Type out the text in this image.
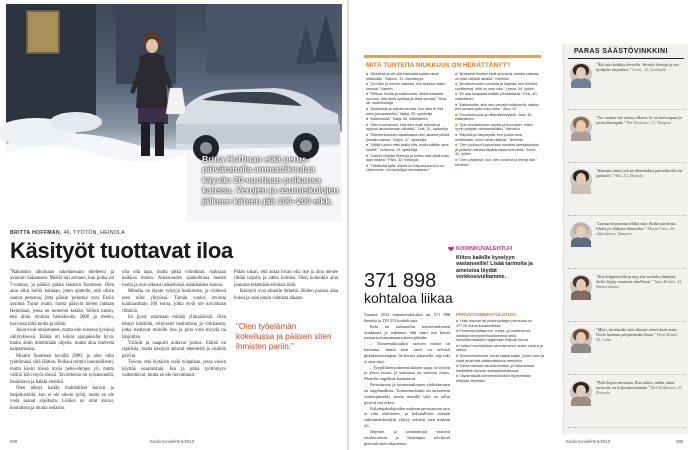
Britta Hoffman elää perus-päivärahalla ammattikoulua käyvän 20-vuotiaan poikansa kanssa. Verojen ja asumiskulujen jälkeen käteen jää 100–200 e/kk.
BRITTA HOFFMAN, 46, TYÖTÖN, HEINOLA
Käsityöt tuottavat iloa

"Rakastuin aikoinaan sukeltaessani mieheeni ja avioiuin Sakaaseen. Meillä tuli erinnen, kun poika oli 7-vuotias, ja pääöin palata takaisin Suomeen. Olen aina ollut helliä kohtaan, joten ajattelin, että olisin saanut perustaa, jotta pääsin 'pelastua' ensi. Etsiin asuntoa Turun mutta, mutta pääsyin meren rantaan Heinolaan, jossa on tuntemat ketään. Silloin tunsin, että aloin oloittua heinäkuulla 2000 ja menin, kasvussa töitä tuolta ja töihin.

Asiat eivät onnistuneet, mutta olin toisessa hyvässä säilytyksessä. Elämä oli kiinni ajanjaksolla hyvä, mutta aloin miettimään ohjeita, mutta aina mielestä kaipaamassa.

Muutin Suomeen kevällä 2000, ja olen ollut työttömänä siitä lähtien. Poikani toimin luonnollisesti, mutta kävin töissä myös pelto-ehtojen yli, mutta välillä kävi myös töissä. Tavoitteena on työskennellä, hankittava ja kaikki ehdoksi.

Olen tehnyt kaikki mahdolliset kurssit ja harjoitustöitä, kun ei ole oikein työtä, mutta en ole vielä saanut sijoitusta. Lisäksi on ollut kurssi, koulutusta ja muuta sellaista.

olla olla tapa, mutta pitkä viikoittain, maksaan kaikkea muuta. Aikuisuuden ajankohtana menen tuolla ja ovat oikeasti näkemässä asiakkaiden kanssa.

Minulla on täysin syksyjä koulutusta, ja viidessä olen ollut ylityössä. Tämän vuoksi arviolta kuukausittain 100 euroa, jotka eivät ole kovinkaan riittäviä.

En pysty ostamaan mitään ylimääräistä. Olen tehnyt käsitöitä, erityisesti neulomista ja virkkausta, jotka tuottavat minulle iloa ja joita voin myydä tai lahjoittaa.

Ystävät ja naapurit auttavat joskus. Elämä on rajallista, mutta käsityöt antavat tekemistä ja sisältöä päiviin.

Toivon, että löytäisin vielä työpaikan, jossa voisin käyttää osaamistani. Ikä ja pitkä työttömyys vaikeuttavat, mutta en ole luovuttanut.

Pidän sukan, että antaa luvan olla itse ja aina menee riittää tarjolla ja sitten kohden. Olen kuitenkin aina joutunut tekemään erilaisia töitä.

Käsityöt ovat minulle tärkeitä. Niiden parissa aika kuluu ja saan jotain valmista aikaan.

"Olen työelämän kokeilussa ja pääsen siten ihmisten pariin."
088	Kodin Kuvalehti 5/2013
MITÄ TUNTEITA NIUKKUUS ON HERÄTTÄNYT?

■ "Jännittää ja voi olla hankalaa saada rahat riittämään." Nainen, 31, itsenäisyys

■ "On tullut ja menee kaikkea, niin tiukkaa niiden kanssa." Nainen

■ "Pelkoa, huolta ja katkeruutta. Mutta toisaalta luovuus, että tämä opettaa ja tästä selviää." Tiina, 48, lastenhoitaja

■ "Ahdistusta ja toivottomuutta, kun raha ei riitä edes perusasioihin." Maija, 25, opiskelija

■ "Katkeruutta." Kaija, 65, eläkeläinen

■ "Olen huomannut, että olen rikas elämää ja oppinut arvostamaan vähästä." Outi, 31, opiskelija

■ "Toimeentulotuen asiakkaana olen alkanut pelätä jokaista laskua." Anjuri, 27, opiskelija

■ "Välillä tuntuu ettei kaikki riitä, mutta päätän aina selvitä." Johanna, 19, opiskelija

■ "Joskus kiristää hermoja ja tuntuu että pitää koko ajan laskea." Päivi, 32, hoitotyöt

■ "Yllättävää kyllä, elämä on helpompaa kun on vähemmän. Voi keskittyä olennaiseen."

■ "Ilmeisesti ihmiset eivät ymmärrä, kuinka vaikeaa on elää vähällä rahalla." Nimetön

■ "Arvottomuuden tunnetta ja häpeää, kun ihmiset kuvittelevat, että on oma vika." Leena, 54, työtön

■ "En saa kaupasta mitään ylimääräistä." Kirsi, 40, eläkeläinen

■ "Katkeruutta, että olen pienellä eläkkeellä, vaikka tein kovasti työtä koko ikäni." Aino, 67

■ "Toivottomuutta ja riittämättömyyttä." Aira, 46, eläkeläinen

■ "Opin arvostamaan asioita ja huomaan, miten hyvin pärjään vähemmälläkin." Nimetön

■ "Häpeää ja väsymystä, kun joutuu aina miettimään, mihin rahat riittävät." Nimetön

■ "Olen joutunut luopumaan monista harrastuksista ja ystävien kanssa tapahtuvasta menoista." Anne, 42, työtön

■ "Olen pärjännyt, kun olen luovinut ja tehnyt itse." Nimetön

KODINKUVALEHTI.FI
Kiitos kaikille kyselyyn vastanneille! Lisää tarinoita ja aineistoa löydät verkkosivuiltamme.
371 898
kohtaloa liikaa

Vuonna 2012 toimeentulotukea sai 371 898 ihmistä ja 239 213 kotitaloutta.

Kela on tarkastellut toimeentulotuen asiakkaita ja todennut, että suuri osa heistä joutuu turvautumaan tukeen pitkään.

– Toimeentulotukea saavien määrä on kasvanut, mutta tuen tarve on selvästi pitkäkestoisempaa. Se kertoo jokaiselle, että tuki ei aina riitä.

– Tyypillinen toimeentulotuen saaja on työtön ja yksin asuva, ja kasvussa on nuorten osuus. Monella ongelmat kasautuvat.

Perusturvan ja toimeentulotuen yhdistäminen on ongelmallista. Toimeentulotuki on tarkoitettu viimesijaiseksi, mutta monille siitä on tullut pysyvä osa arkea.

Kuluttajatutkijoiden mukaan perusturvan taso ei riitä elämiseen, ja kohtuullisen elämän vähimmäisbudjetti ylittyy selvästi tuen määrän yli.

Järjestöt ja asiantuntijat vaativat tasokorotusta ja laajempaa selvitystä pienituloisten tilanteesta.

PERUSTOIMEENTULOTUKI

■ Yksin asuvan tai yksinhuoltajan perusosa on 477,26 euroa kuukaudessa.

■ Perusosa kattaa mm. ruoka- ja vaatemenot, vähäiset terveydenhuoltomenot sekä henkilökohtaiseen hygieniaan liittyvät menot.

■ Lisäksi huomioidaan asumismenot, kuten vuokra ja sähkö.

■ Toimeentulotukea voivat saada kaikki, joiden tulot ja varat eivät riitä välttämättömiin menoihin.

■ Tukea haetaan asuinkunnasta, ja hakemukset käsitellään kunnan sosiaalitoimistossa.

■ Täydentävää toimeentulotukea myönnetään erityisiin tarpeisiin.

Kodin Kuvalehti 5/2013	089
PARAS SÄÄSTÖVINKKINI
"Älä osta kaikkea kerralla. Vertaile hintoja ja ota hyödyksi tarjoukset." Jenni, 32, Jyväskylä
"Tee ruokaa itse alusta alkaen. Se on halvempaa ja terveellisempää." Pia Aholuoto, 37, Tampere
"Kasvata omat yrtit ja vihannekset parvekkeella tai palstalla." Aila, 52, Heinola
"Lainaa kirjastosta äläkä osta. Sieltä saa kirjat, lehdet ja elokuvat ilmaiseksi." Marja-Liisa, 64, eläkeläinen, Tampere
"Käy kirpputorilla ja myy itse turhaksi jäänyttä. Sieltä löytyy vaatteita edullisesti." Jatta Kiintiö, 41, Hämeenlinna
"Mieti, tarvitsetko sitä oikeasti ennen kuin ostat. Usein huomaa pärjäävänsä ilman." Virpi Rautio, 44, Lahti
"Pidä kirjaa menoista. Kun näkee, mihin rahat menevät, on helpompi säästää." Heli Kokkonen, 27, Kouvola
